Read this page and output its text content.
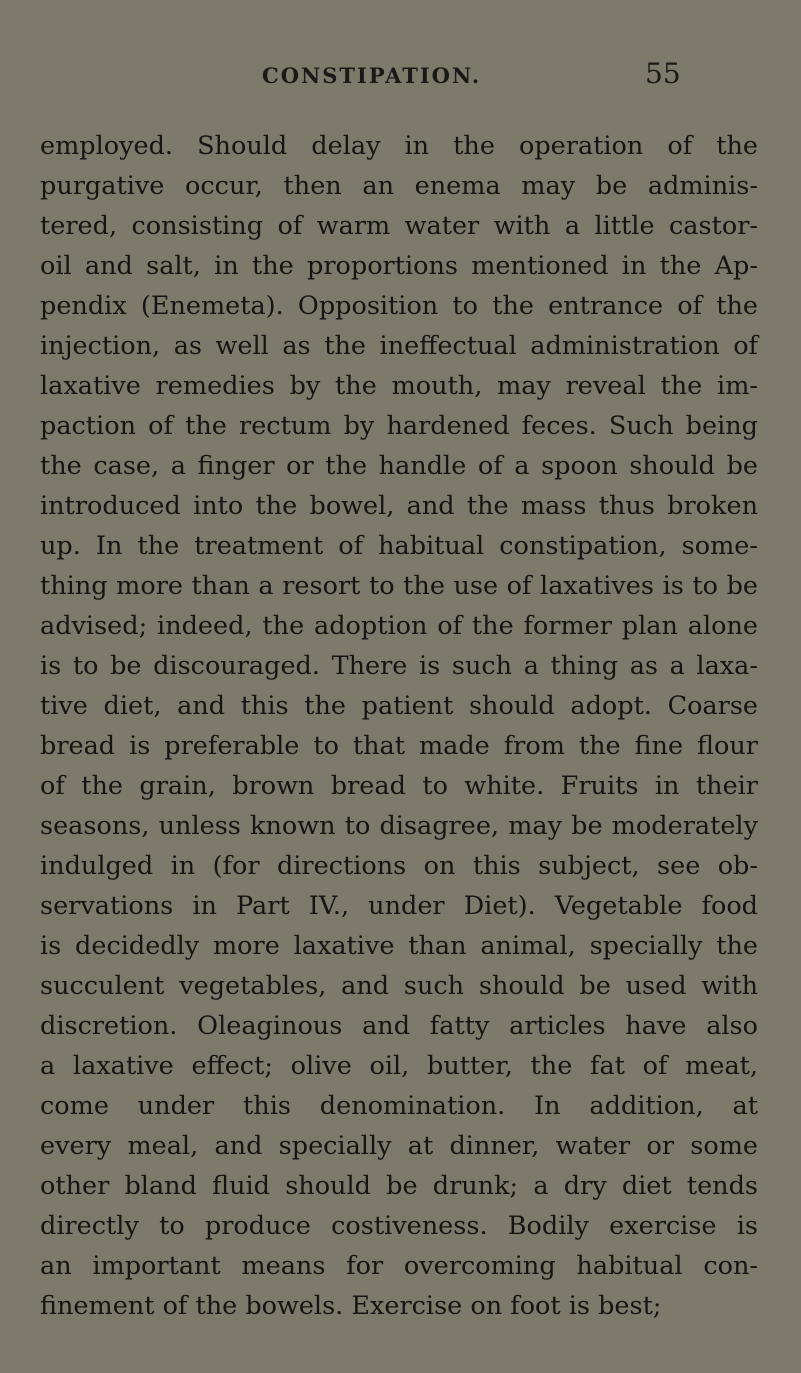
CONSTIPATION.	55
employed. Should delay in the operation of the
purgative occur, then an enema may be adminis-
tered, consisting of warm water with a little castor-
oil and salt, in the proportions mentioned in the Ap-
pendix (Enemeta). Opposition to the entrance of the
injection, as well as the ineffectual administration of
laxative remedies by the mouth, may reveal the im-
paction of the rectum by hardened feces. Such being
the case, a finger or the handle of a spoon should be
introduced into the bowel, and the mass thus broken
up. In the treatment of habitual constipation, some-
thing more than a resort to the use of laxatives is to be
advised; indeed, the adoption of the former plan alone
is to be discouraged. There is such a thing as a laxa-
tive diet, and this the patient should adopt. Coarse
bread is preferable to that made from the fine flour
of the grain, brown bread to white. Fruits in their
seasons, unless known to disagree, may be moderately
indulged in (for directions on this subject, see ob-
servations in Part IV., under Diet). Vegetable food
is decidedly more laxative than animal, specially the
succulent vegetables, and such should be used with
discretion. Oleaginous and fatty articles have also
a laxative effect; olive oil, butter, the fat of meat,
come under this denomination. In addition, at
every meal, and specially at dinner, water or some
other bland fluid should be drunk; a dry diet tends
directly to produce costiveness. Bodily exercise is
an important means for overcoming habitual con-
finement of the bowels. Exercise on foot is best;
